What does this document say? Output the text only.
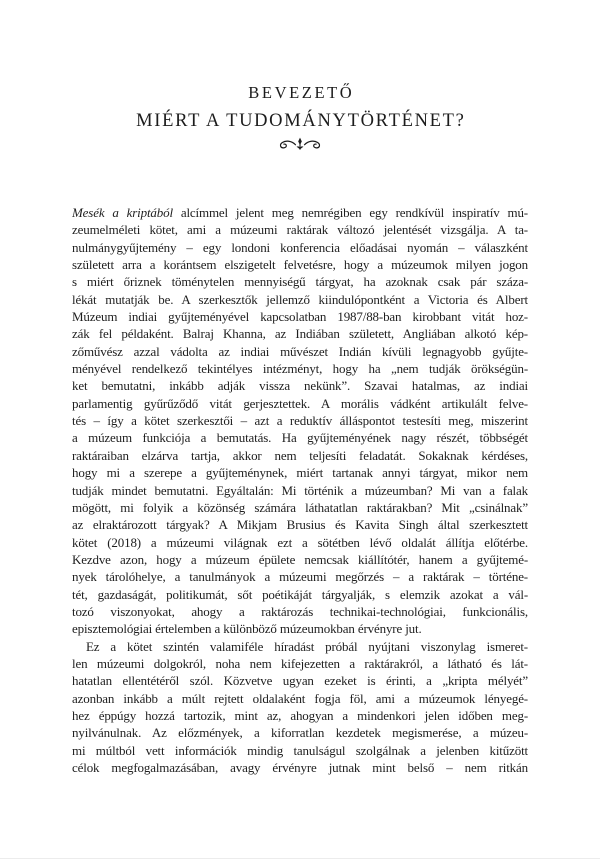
BEVEZETŐ
MIÉRT A TUDOMÁNYTÖRTÉNET?
Mesék a kriptából alcímmel jelent meg nemrégiben egy rendkívül inspiratív mú-
zeumelméleti kötet, ami a múzeumi raktárak változó jelentését vizsgálja. A ta-
nulmánygyűjtemény – egy londoni konferencia előadásai nyomán – válaszként
született arra a korántsem elszigetelt felvetésre, hogy a múzeumok milyen jogon
s miért őriznek töménytelen mennyiségű tárgyat, ha azoknak csak pár száza-
lékát mutatják be. A szerkesztők jellemző kiindulópontként a Victoria és Albert
Múzeum indiai gyűjteményével kapcsolatban 1987/88-ban kirobbant vitát hoz-
zák fel példaként. Balraj Khanna, az Indiában született, Angliában alkotó kép-
zőművész azzal vádolta az indiai művészet Indián kívüli legnagyobb gyűjte-
ményével rendelkező tekintélyes intézményt, hogy ha „nem tudják örökségün-
ket bemutatni, inkább adják vissza nekünk”. Szavai hatalmas, az indiai
parlamentig gyűrűződő vitát gerjesztettek. A morális vádként artikulált felve-
tés – így a kötet szerkesztői – azt a reduktív álláspontot testesíti meg, miszerint
a múzeum funkciója a bemutatás. Ha gyűjteményének nagy részét, többségét
raktáraiban elzárva tartja, akkor nem teljesíti feladatát. Sokaknak kérdéses,
hogy mi a szerepe a gyűjteménynek, miért tartanak annyi tárgyat, mikor nem
tudják mindet bemutatni. Egyáltalán: Mi történik a múzeumban? Mi van a falak
mögött, mi folyik a közönség számára láthatatlan raktárakban? Mit „csinálnak”
az elraktározott tárgyak? A Mikjam Brusius és Kavita Singh által szerkesztett
kötet (2018) a múzeumi világnak ezt a sötétben lévő oldalát állítja előtérbe.
Kezdve azon, hogy a múzeum épülete nemcsak kiállítótér, hanem a gyűjtemé-
nyek tárolóhelye, a tanulmányok a múzeumi megőrzés – a raktárak – történe-
tét, gazdaságát, politikumát, sőt poétikáját tárgyalják, s elemzik azokat a vál-
tozó viszonyokat, ahogy a raktározás technikai-technológiai, funkcionális,
episztemológiai értelemben a különböző múzeumokban érvényre jut.
Ez a kötet szintén valamiféle híradást próbál nyújtani viszonylag ismeret-
len múzeumi dolgokról, noha nem kifejezetten a raktárakról, a látható és lát-
hatatlan ellentétéről szól. Közvetve ugyan ezeket is érinti, a „kripta mélyét”
azonban inkább a múlt rejtett oldalaként fogja föl, ami a múzeumok lényegé-
hez éppúgy hozzá tartozik, mint az, ahogyan a mindenkori jelen időben meg-
nyilvánulnak. Az előzmények, a kiforratlan kezdetek megismerése, a múzeu-
mi múltból vett információk mindig tanulságul szolgálnak a jelenben kitűzött
célok megfogalmazásában, avagy érvényre jutnak mint belső – nem ritkán
